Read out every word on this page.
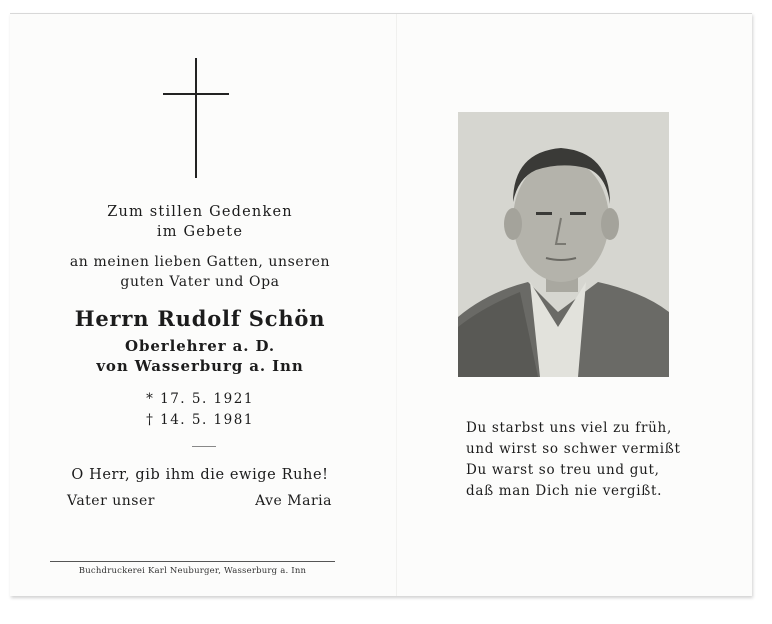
Zum stillen Gedenken
im Gebete
an meinen lieben Gatten, unseren
guten Vater und Opa
Herrn Rudolf Schön
Oberlehrer a. D.
von Wasserburg a. Inn
* 17. 5. 1921
† 14. 5. 1981
O Herr, gib ihm die ewige Ruhe!
Vater unser	Ave Maria
Buchdruckerei Karl Neuburger, Wasserburg a. Inn
Du starbst uns viel zu früh,
und wirst so schwer vermißt
Du warst so treu und gut,
daß man Dich nie vergißt.
